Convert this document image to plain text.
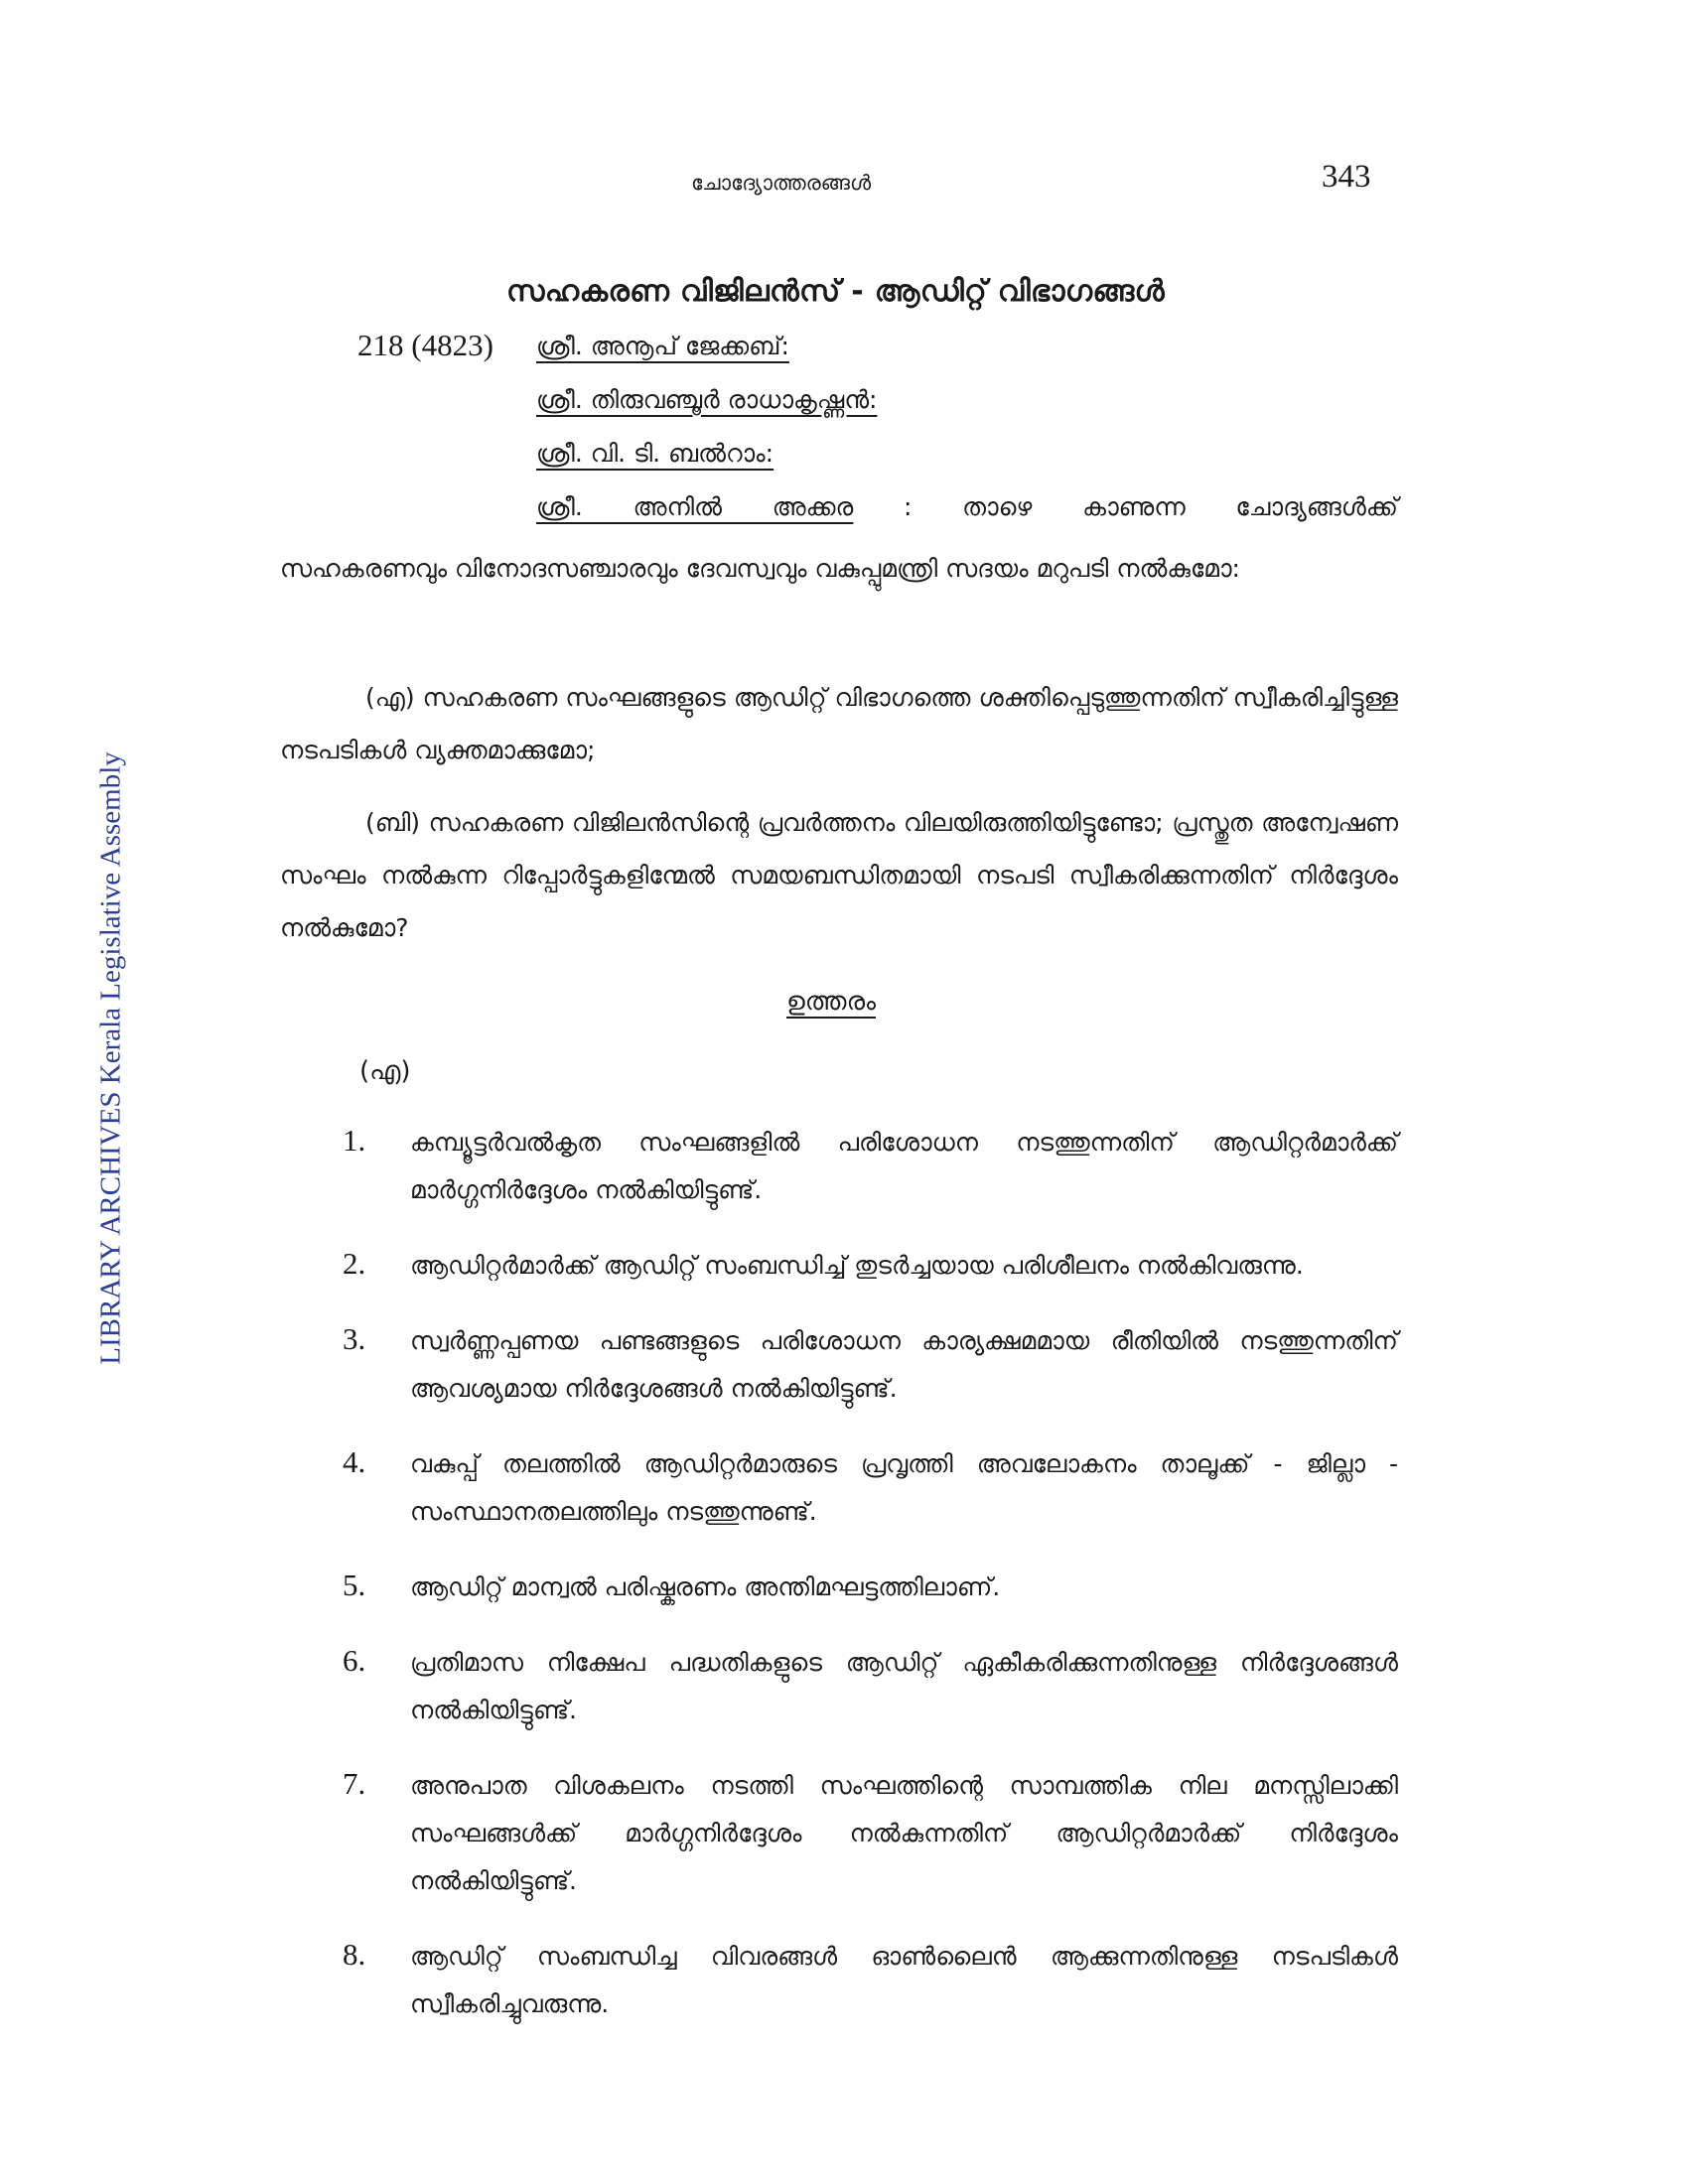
LIBRARY ARCHIVES Kerala Legislative Assembly
ചോദ്യോത്തരങ്ങൾ	343
സഹകരണ വിജിലൻസ് - ആഡിറ്റ് വിഭാഗങ്ങൾ
218 (4823) ശ്രീ. അനൂപ് ജേക്കബ്:
ശ്രീ. തിരുവഞ്ചൂർ രാധാകൃഷ്ണൻ:
ശ്രീ. വി. ടി. ബൽറാം:
ശ്രീ. അനിൽ അക്കര : താഴെ കാണുന്ന ചോദ്യങ്ങൾക്ക്
സഹകരണവും വിനോദസഞ്ചാരവും ദേവസ്വവും വകുപ്പുമന്ത്രി സദയം മറുപടി നൽകുമോ:
(എ) സഹകരണ സംഘങ്ങളുടെ ആഡിറ്റ് വിഭാഗത്തെ ശക്തിപ്പെടുത്തുന്നതിന് സ്വീകരിച്ചിട്ടുള്ള നടപടികൾ വ്യക്തമാക്കുമോ;
(ബി) സഹകരണ വിജിലൻസിന്റെ പ്രവർത്തനം വിലയിരുത്തിയിട്ടുണ്ടോ; പ്രസ്തുത അന്വേഷണ സംഘം നൽകുന്ന റിപ്പോർട്ടുകളിന്മേൽ സമയബന്ധിതമായി നടപടി സ്വീകരിക്കുന്നതിന് നിർദ്ദേശം നൽകുമോ?
ഉത്തരം
(എ)
1.	കമ്പ്യൂട്ടർവൽകൃത സംഘങ്ങളിൽ പരിശോധന നടത്തുന്നതിന് ആഡിറ്റർമാർക്ക് മാർഗ്ഗനിർദ്ദേശം നൽകിയിട്ടുണ്ട്.
2.	ആഡിറ്റർമാർക്ക് ആഡിറ്റ് സംബന്ധിച്ച് തുടർച്ചയായ പരിശീലനം നൽകിവരുന്നു.
3.	സ്വർണ്ണപ്പണയ പണ്ടങ്ങളുടെ പരിശോധന കാര്യക്ഷമമായ രീതിയിൽ നടത്തുന്നതിന് ആവശ്യമായ നിർദ്ദേശങ്ങൾ നൽകിയിട്ടുണ്ട്.
4.	വകുപ്പ് തലത്തിൽ ആഡിറ്റർമാരുടെ പ്രവൃത്തി അവലോകനം താലൂക്ക് - ജില്ലാ - സംസ്ഥാനതലത്തിലും നടത്തുന്നുണ്ട്.
5.	ആഡിറ്റ് മാന്വൽ പരിഷ്കരണം അന്തിമഘട്ടത്തിലാണ്.
6.	പ്രതിമാസ നിക്ഷേപ പദ്ധതികളുടെ ആഡിറ്റ് ഏകീകരിക്കുന്നതിനുള്ള നിർദ്ദേശങ്ങൾ നൽകിയിട്ടുണ്ട്.
7.	അനുപാത വിശകലനം നടത്തി സംഘത്തിന്റെ സാമ്പത്തിക നില മനസ്സിലാക്കി സംഘങ്ങൾക്ക് മാർഗ്ഗനിർദ്ദേശം നൽകുന്നതിന് ആഡിറ്റർമാർക്ക് നിർദ്ദേശം നൽകിയിട്ടുണ്ട്.
8.	ആഡിറ്റ് സംബന്ധിച്ച വിവരങ്ങൾ ഓൺലൈൻ ആക്കുന്നതിനുള്ള നടപടികൾ സ്വീകരിച്ചുവരുന്നു.
